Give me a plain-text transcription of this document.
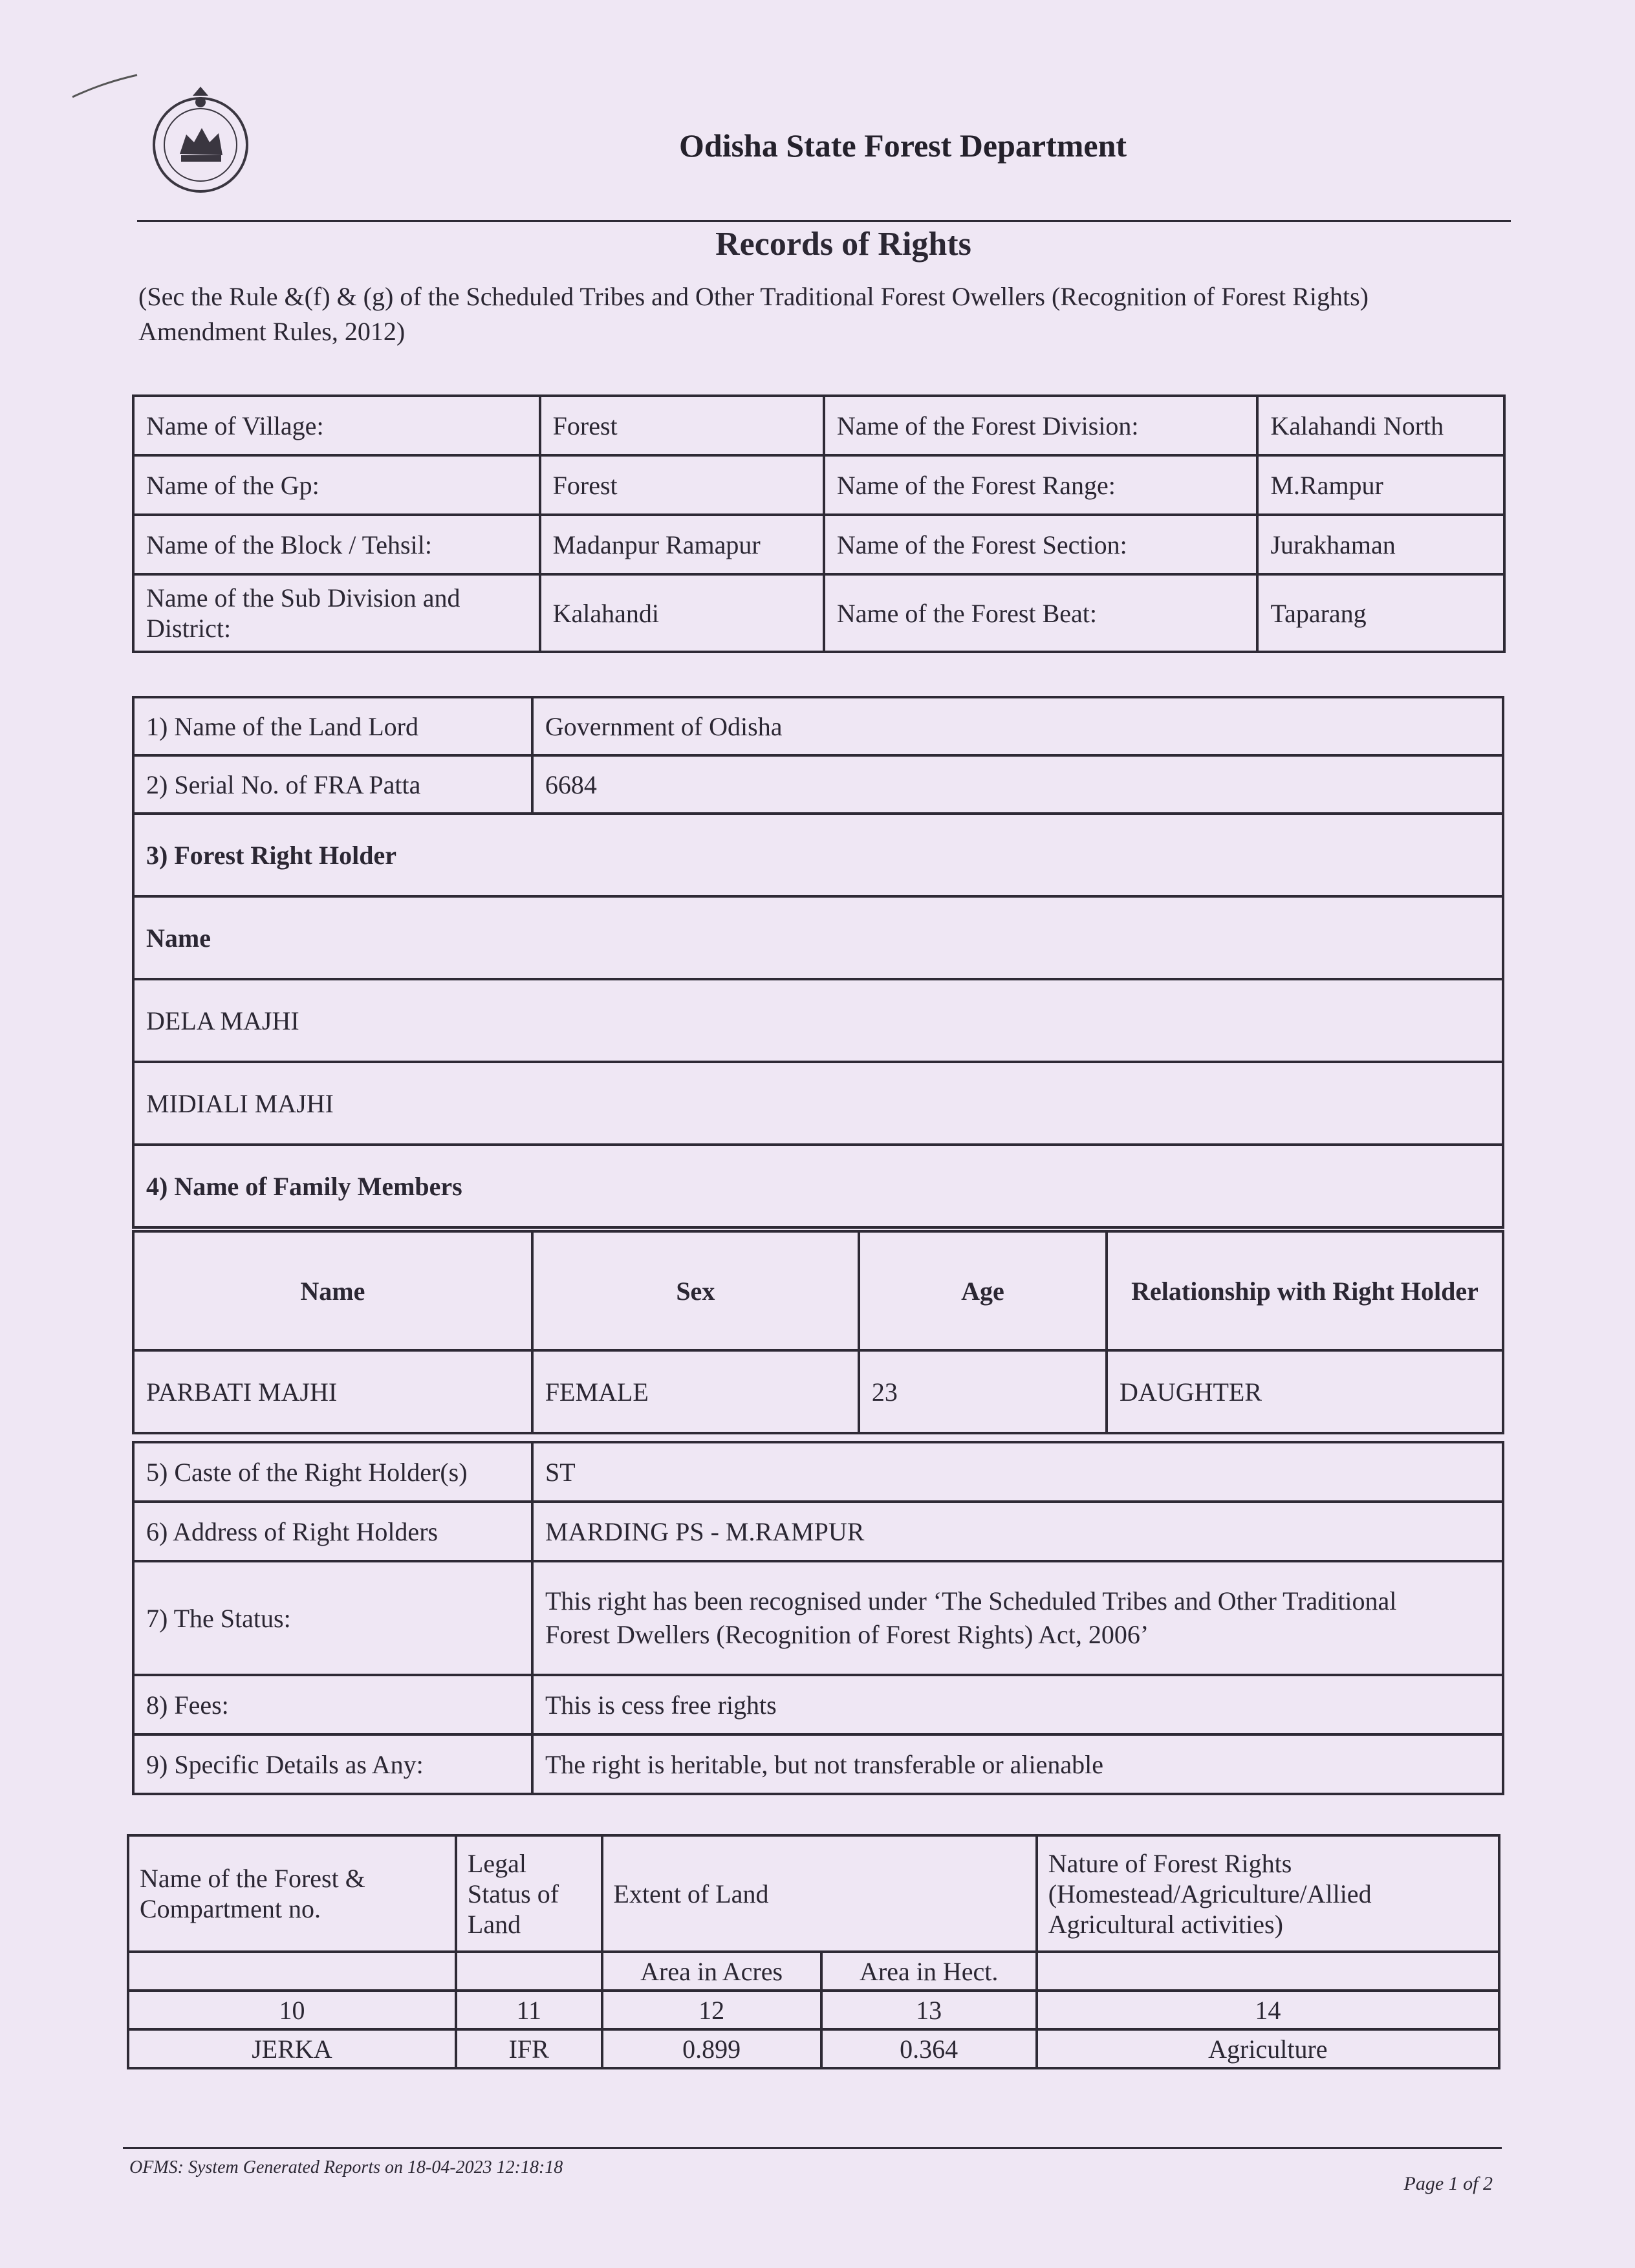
Odisha State Forest Department
Records of Rights
(Sec the Rule &(f) & (g) of the Scheduled Tribes and Other Traditional Forest Owellers (Recognition of Forest Rights) Amendment Rules, 2012)
Name of Village:	Forest	Name of the Forest Division:	Kalahandi North
Name of the Gp:	Forest	Name of the Forest Range:	M.Rampur
Name of the Block / Tehsil:	Madanpur Ramapur	Name of the Forest Section:	Jurakhaman
Name of the Sub Division and District:	Kalahandi	Name of the Forest Beat:	Taparang
1) Name of the Land Lord	Government of Odisha
2) Serial No. of FRA Patta	6684
3) Forest Right Holder	
Name	
DELA MAJHI	
MIDIALI MAJHI	
4) Name of Family Members	
Name	Sex	Age	Relationship with Right Holder
PARBATI MAJHI	FEMALE	23	DAUGHTER
5) Caste of the Right Holder(s)	ST
6) Address of Right Holders	MARDING PS - M.RAMPUR
7) The Status:	This right has been recognised under ‘The Scheduled Tribes and Other Traditional
Forest Dwellers (Recognition of Forest Rights) Act, 2006’

8) Fees:	This is cess free rights
9) Specific Details as Any:	The right is heritable, but not transferable or alienable
Name of the Forest & Compartment no.	Legal Status of Land	Extent of Land		Nature of Forest Rights (Homestead/Agriculture/Allied Agricultural activities)
		Area in Acres	Area in Hect.	
10	11	12	13	14
JERKA	IFR	0.899	0.364	Agriculture
OFMS: System Generated Reports on 18-04-2023 12:18:18
Page 1 of 2
